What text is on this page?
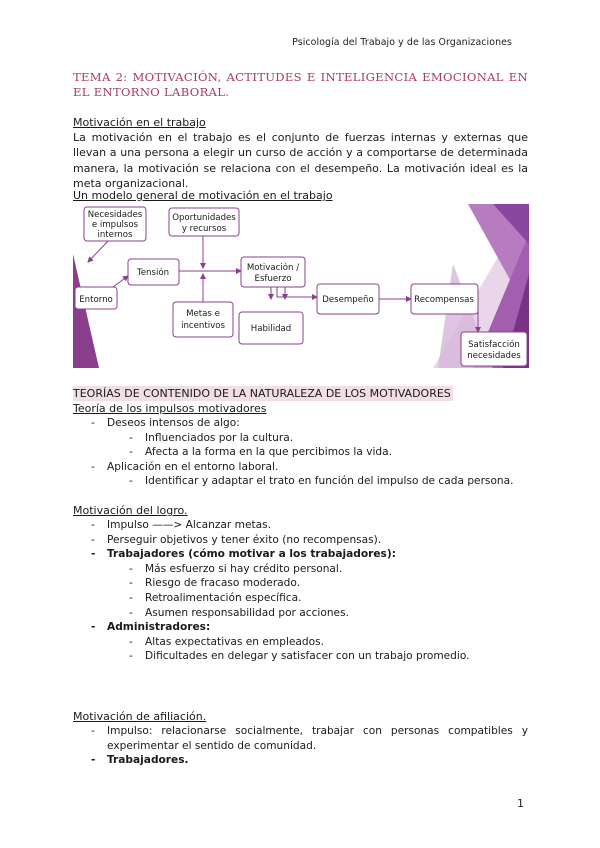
Psicología del Trabajo y de las Organizaciones
TEMA 2: MOTIVACIÓN, ACTITUDES E INTELIGENCIA EMOCIONAL EN EL ENTORNO LABORAL.
Motivación en el trabajo
La motivación en el trabajo es el conjunto de fuerzas internas y externas que llevan a una persona a elegir un curso de acción y a comportarse de determinada manera, la motivación se relaciona con el desempeño. La motivación ideal es la meta organizacional.
Un modelo general de motivación en el trabajo
Necesidades
e impulsos
internos
Oportunidades
y recursos
Tensión
Entorno
Motivación /
Esfuerzo
Metas e
incentivos	Habilidad
Desempeño	Recompensas
Satisfacción
necesidades
TEORÍAS DE CONTENIDO DE LA NATURALEZA DE LOS MOTIVADORES
Teoría de los impulsos motivadores
- Deseos intensos de algo:
- Influenciados por la cultura.
- Afecta a la forma en la que percibimos la vida.
- Aplicación en el entorno laboral.
- Identificar y adaptar el trato en función del impulso de cada persona.
Motivación del logro.
- Impulso ——> Alcanzar metas.
- Perseguir objetivos y tener éxito (no recompensas).
- Trabajadores (cómo motivar a los trabajadores):
- Más esfuerzo si hay crédito personal.
- Riesgo de fracaso moderado.
- Retroalimentación específica.
- Asumen responsabilidad por acciones.
- Administradores:
- Altas expectativas en empleados.
- Dificultades en delegar y satisfacer con un trabajo promedio.
Motivación de afiliación.
- Impulso: relacionarse socialmente, trabajar con personas compatibles y experimentar el sentido de comunidad.
- Trabajadores.
1
